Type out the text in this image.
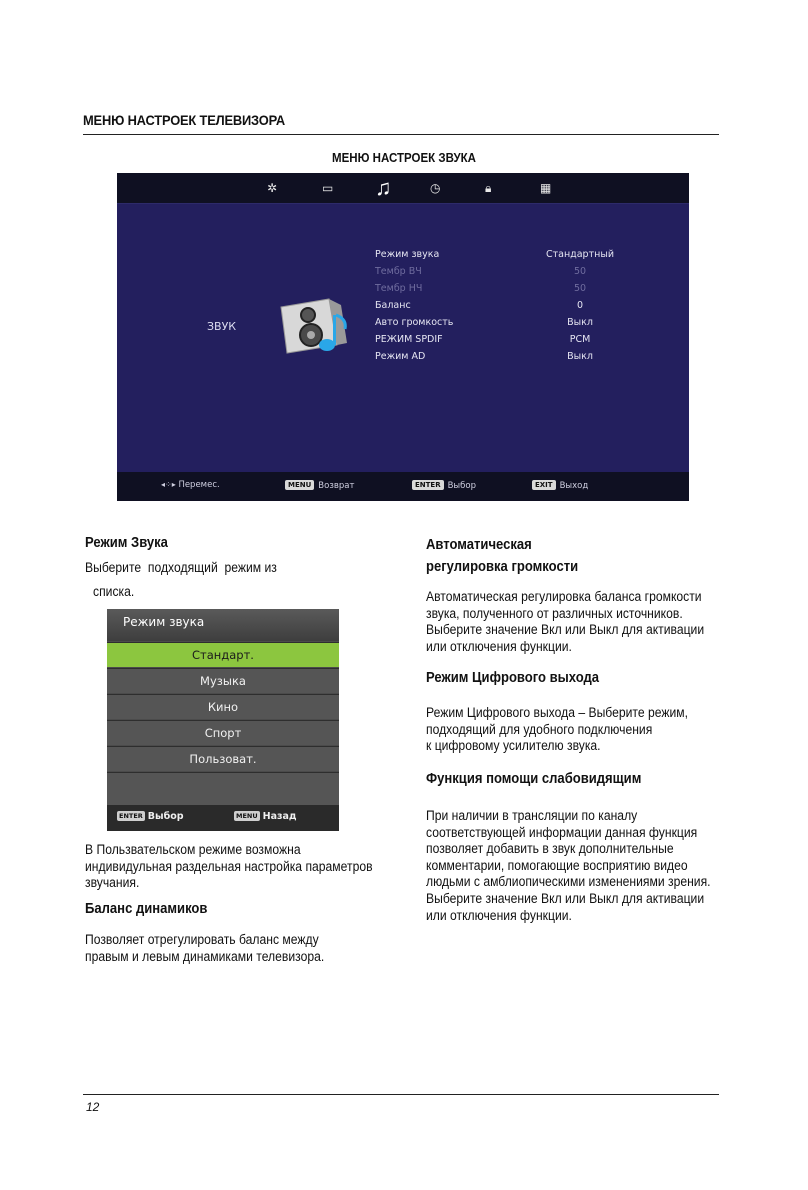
МЕНЮ НАСТРОЕК ТЕЛЕВИЗОРА
МЕНЮ НАСТРОЕК ЗВУКА
✲	▭ ♫	◷	🔒︎	▦
ЗВУК
Режим звука	Стандартный
Тембр ВЧ	50
Тембр НЧ	50
Баланс	0
Авто громкость	Выкл
РЕЖИМ SPDIF	PCM
Режим AD	Выкл
◂⁘▸ Перемес.	MENU Возврат	ENTER Выбор	EXIT Выход
Режим Звука
Выберите  подходящий  режим из
списка.
Режим звука
Стандарт.
Музыка
Кино
Спорт
Пользоват.
ENTER Выбор	MENU Назад
В Пользвательском режиме возможна
индивидульная раздельная настройка параметров
звучания.
Баланс динамиков
Позволяет отрегулировать баланс между
правым и левым динамиками телевизора.
Автоматическая
регулировка громкости
Автоматическая регулировка баланса громкости
звука, полученного от различных источников.
Выберите значение Вкл или Выкл для активации
или отключения функции.
Режим Цифрового выхода
Режим Цифрового выхода – Выберите режим,
подходящий для удобного подключения
к цифровому усилителю звука.
Функция помощи слабовидящим
При наличии в трансляции по каналу
соответствующей информации данная функция
позволяет добавить в звук дополнительные
комментарии, помогающие восприятию видео
людьми с амблиопическими изменениями зрения.
Выберите значение Вкл или Выкл для активации
или отключения функции.
12
